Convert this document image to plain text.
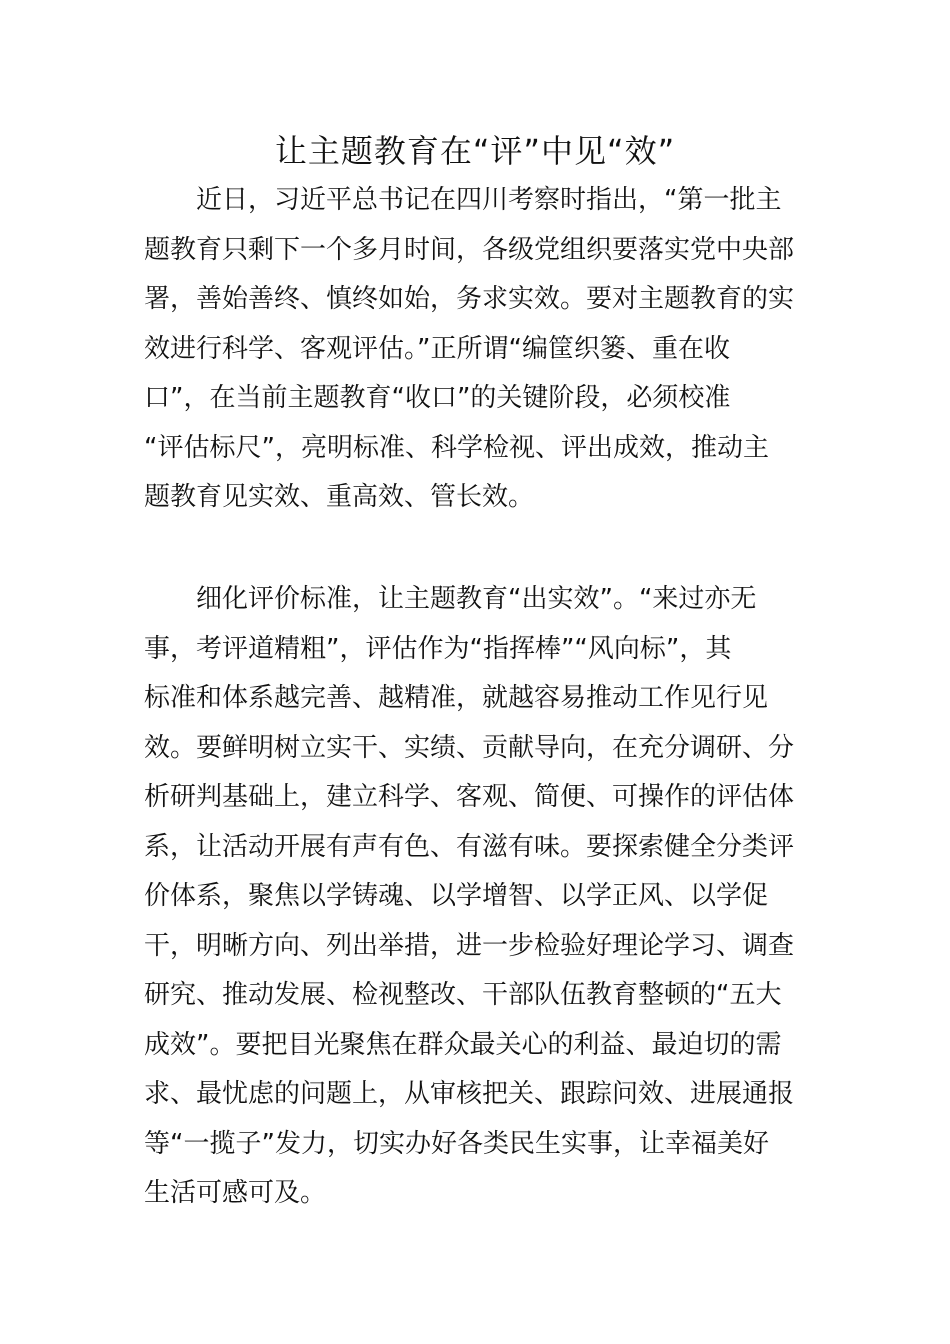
让主题教育在“评”中见“效”
近日，习近平总书记在四川考察时指出，“第一批主
题教育只剩下一个多月时间，各级党组织要落实党中央部
署，善始善终、慎终如始，务求实效。要对主题教育的实
效进行科学、客观评估。”正所谓“编筐织篓、重在收
口”，在当前主题教育“收口”的关键阶段，必须校准
“评估标尺”，亮明标准、科学检视、评出成效，推动主
题教育见实效、重高效、管长效。
细化评价标准，让主题教育“出实效”。“来过亦无
事，考评道精粗”，评估作为“指挥棒”“风向标”，其
标准和体系越完善、越精准，就越容易推动工作见行见
效。要鲜明树立实干、实绩、贡献导向，在充分调研、分
析研判基础上，建立科学、客观、简便、可操作的评估体
系，让活动开展有声有色、有滋有味。要探索健全分类评
价体系，聚焦以学铸魂、以学增智、以学正风、以学促
干，明晰方向、列出举措，进一步检验好理论学习、调查
研究、推动发展、检视整改、干部队伍教育整顿的“五大
成效”。要把目光聚焦在群众最关心的利益、最迫切的需
求、最忧虑的问题上，从审核把关、跟踪问效、进展通报
等“一揽子”发力，切实办好各类民生实事，让幸福美好
生活可感可及。
